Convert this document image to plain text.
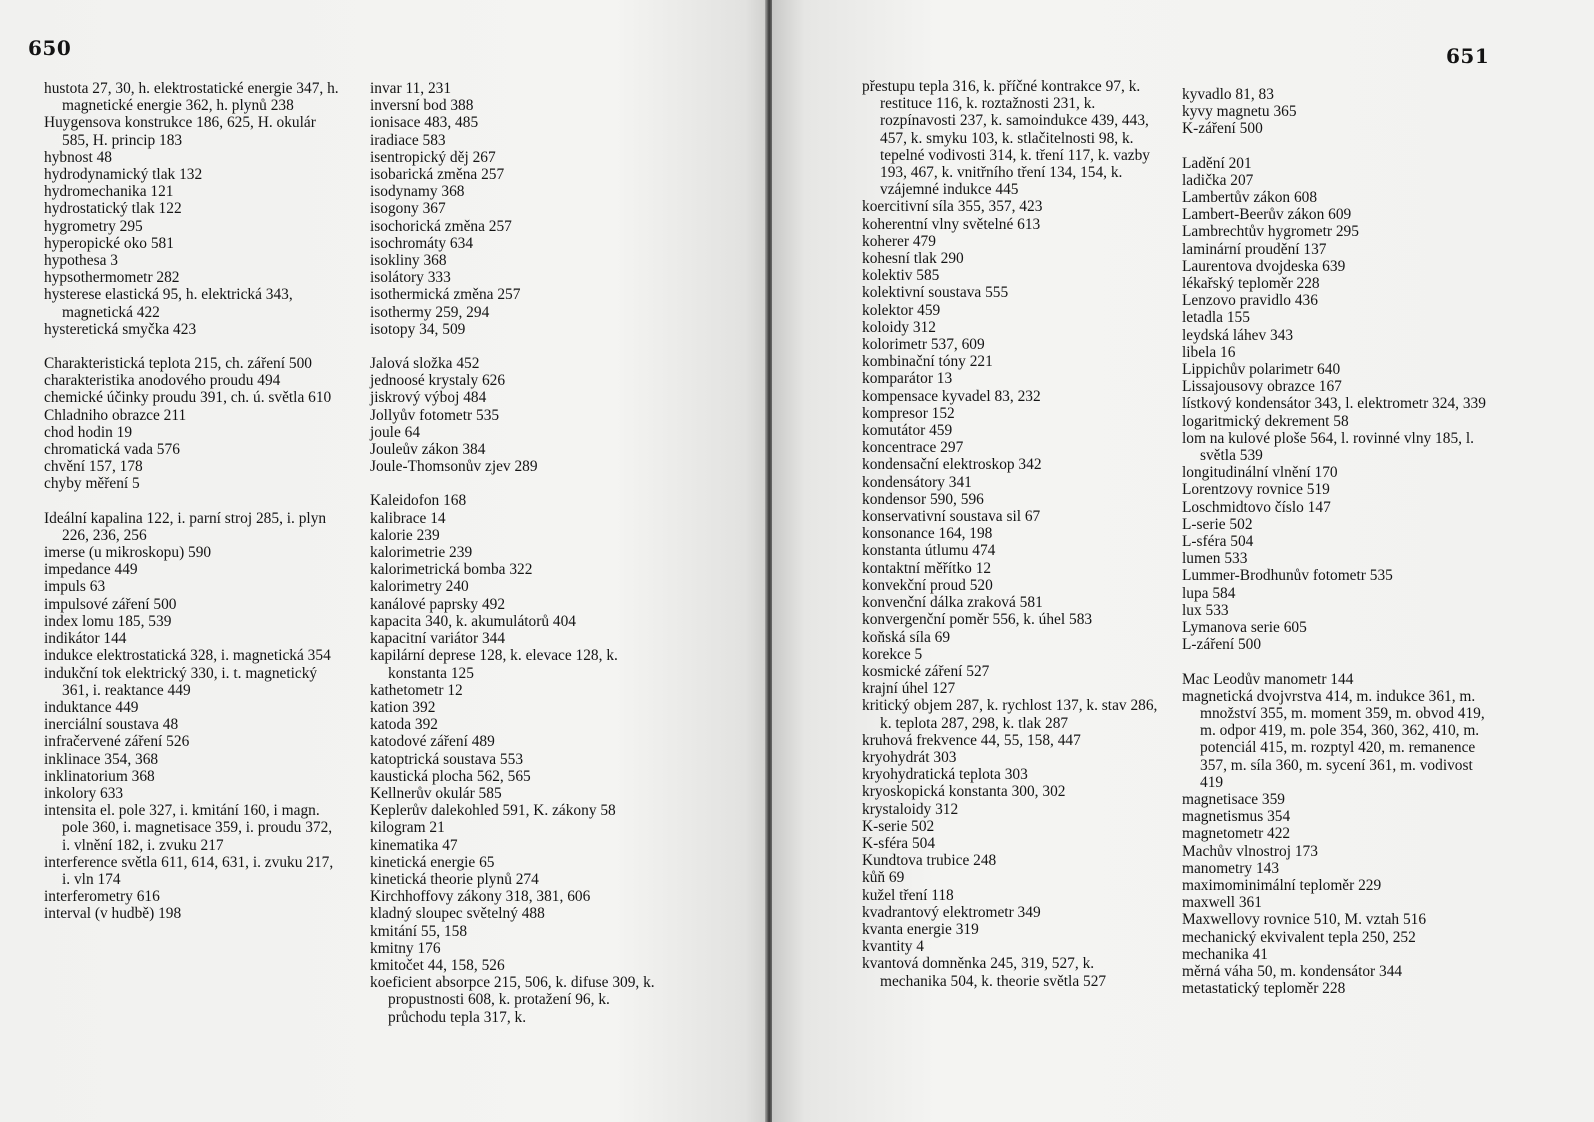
650
hustota 27, 30, h. elektrostatické energie 347, h. magnetické energie 362, h. plynů 238
Huygensova konstrukce 186, 625, H. okulár 585, H. princip 183
hybnost 48
hydrodynamický tlak 132
hydromechanika 121
hydrostatický tlak 122
hygrometry 295
hyperopické oko 581
hypothesa 3
hypsothermometr 282
hysterese elastická 95, h. elektrická 343, magnetická 422
hysteretická smyčka 423
Charakteristická teplota 215, ch. záření 500
charakteristika anodového proudu 494
chemické účinky proudu 391, ch. ú. světla 610
Chladniho obrazce 211
chod hodin 19
chromatická vada 576
chvění 157, 178
chyby měření 5
Ideální kapalina 122, i. parní stroj 285, i. plyn 226, 236, 256
imerse (u mikroskopu) 590
impedance 449
impuls 63
impulsové záření 500
index lomu 185, 539
indikátor 144
indukce elektrostatická 328, i. magnetická 354
indukční tok elektrický 330, i. t. magnetický 361, i. reaktance 449
induktance 449
inerciální soustava 48
infračervené záření 526
inklinace 354, 368
inklinatorium 368
inkolory 633
intensita el. pole 327, i. kmitání 160, i magn. pole 360, i. magnetisace 359, i. proudu 372, i. vlnění 182, i. zvuku 217
interference světla 611, 614, 631, i. zvuku 217, i. vln 174
interferometry 616
interval (v hudbě) 198
invar 11, 231
inversní bod 388
ionisace 483, 485
iradiace 583
isentropický děj 267
isobarická změna 257
isodynamy 368
isogony 367
isochorická změna 257
isochromáty 634
isokliny 368
isolátory 333
isothermická změna 257
isothermy 259, 294
isotopy 34, 509
Jalová složka 452
jednoosé krystaly 626
jiskrový výboj 484
Jollyův fotometr 535
joule 64
Jouleův zákon 384
Joule-Thomsonův zjev 289
Kaleidofon 168
kalibrace 14
kalorie 239
kalorimetrie 239
kalorimetrická bomba 322
kalorimetry 240
kanálové paprsky 492
kapacita 340, k. akumulátorů 404
kapacitní variátor 344
kapilární deprese 128, k. elevace 128, k. konstanta 125
kathetometr 12
kation 392
katoda 392
katodové záření 489
katoptrická soustava 553
kaustická plocha 562, 565
Kellnerův okulár 585
Keplerův dalekohled 591, K. zákony 58
kilogram 21
kinematika 47
kinetická energie 65
kinetická theorie plynů 274
Kirchhoffovy zákony 318, 381, 606
kladný sloupec světelný 488
kmitání 55, 158
kmitny 176
kmitočet 44, 158, 526
koeficient absorpce 215, 506, k. difuse 309, k. propustnosti 608, k. protažení 96, k. průchodu tepla 317, k.
651
přestupu tepla 316, k. příčné kontrakce 97, k. restituce 116, k. roztažnosti 231, k. rozpínavosti 237, k. samoindukce 439, 443, 457, k. smyku 103, k. stlačitelnosti 98, k. tepelné vodivosti 314, k. tření 117, k. vazby 193, 467, k. vnitřního tření 134, 154, k. vzájemné indukce 445
koercitivní síla 355, 357, 423
koherentní vlny světelné 613
koherer 479
kohesní tlak 290
kolektiv 585
kolektivní soustava 555
kolektor 459
koloidy 312
kolorimetr 537, 609
kombinační tóny 221
komparátor 13
kompensace kyvadel 83, 232
kompresor 152
komutátor 459
koncentrace 297
kondensační elektroskop 342
kondensátory 341
kondensor 590, 596
konservativní soustava sil 67
konsonance 164, 198
konstanta útlumu 474
kontaktní měřítko 12
konvekční proud 520
konvenční dálka zraková 581
konvergenční poměr 556, k. úhel 583
koňská síla 69
korekce 5
kosmické záření 527
krajní úhel 127
kritický objem 287, k. rychlost 137, k. stav 286, k. teplota 287, 298, k. tlak 287
kruhová frekvence 44, 55, 158, 447
kryohydrát 303
kryohydratická teplota 303
kryoskopická konstanta 300, 302
krystaloidy 312
K-serie 502
K-sféra 504
Kundtova trubice 248
kůň 69
kužel tření 118
kvadrantový elektrometr 349
kvanta energie 319
kvantity 4
kvantová domněnka 245, 319, 527, k. mechanika 504, k. theorie světla 527
kyvadlo 81, 83
kyvy magnetu 365
K-záření 500
Ladění 201
ladička 207
Lambertův zákon 608
Lambert-Beerův zákon 609
Lambrechtův hygrometr 295
laminární proudění 137
Laurentova dvojdeska 639
lékařský teploměr 228
Lenzovo pravidlo 436
letadla 155
leydská láhev 343
libela 16
Lippichův polarimetr 640
Lissajousovy obrazce 167
lístkový kondensátor 343, l. elektrometr 324, 339
logaritmický dekrement 58
lom na kulové ploše 564, l. rovinné vlny 185, l. světla 539
longitudinální vlnění 170
Lorentzovy rovnice 519
Loschmidtovo číslo 147
L-serie 502
L-sféra 504
lumen 533
Lummer-Brodhunův fotometr 535
lupa 584
lux 533
Lymanova serie 605
L-záření 500
Mac Leodův manometr 144
magnetická dvojvrstva 414, m. indukce 361, m. množství 355, m. moment 359, m. obvod 419, m. odpor 419, m. pole 354, 360, 362, 410, m. potenciál 415, m. rozptyl 420, m. remanence 357, m. síla 360, m. sycení 361, m. vodivost 419
magnetisace 359
magnetismus 354
magnetometr 422
Machův vlnostroj 173
manometry 143
maximominimální teploměr 229
maxwell 361
Maxwellovy rovnice 510, M. vztah 516
mechanický ekvivalent tepla 250, 252
mechanika 41
měrná váha 50, m. kondensátor 344
metastatický teploměr 228
